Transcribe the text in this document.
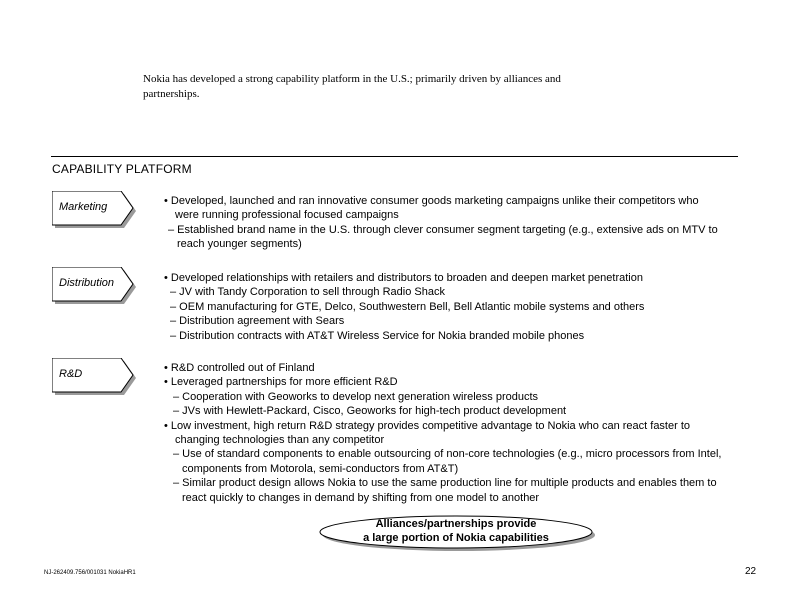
Nokia has developed a strong capability platform in the U.S.; primarily driven by alliances and partnerships.
CAPABILITY PLATFORM
Marketing	• Developed, launched and ran innovative consumer goods marketing campaigns unlike their competitors who were running professional focused campaigns
– Established brand name in the U.S. through clever consumer segment targeting (e.g., extensive ads on MTV to reach younger segments)
Distribution	• Developed relationships with retailers and distributors to broaden and deepen market penetration
– JV with Tandy Corporation to sell through Radio Shack
– OEM manufacturing for GTE, Delco, Southwestern Bell, Bell Atlantic mobile systems and others
– Distribution agreement with Sears
– Distribution contracts with AT&T Wireless Service for Nokia branded mobile phones
R&D	• R&D controlled out of Finland
• Leveraged partnerships for more efficient R&D
– Cooperation with Geoworks to develop next generation wireless products
– JVs with Hewlett-Packard, Cisco, Geoworks for high-tech product development
• Low investment, high return R&D strategy provides competitive advantage to Nokia who can react faster to changing technologies than any competitor
– Use of standard components to enable outsourcing of non-core technologies (e.g., micro processors from Intel, components from Motorola, semi-conductors from AT&T)
– Similar product design allows Nokia to use the same production line for multiple products and enables them to react quickly to changes in demand by shifting from one model to another
Alliances/partnerships provide
a large portion of Nokia capabilities
NJ-262409.756/001031 NokiaHR1	22
